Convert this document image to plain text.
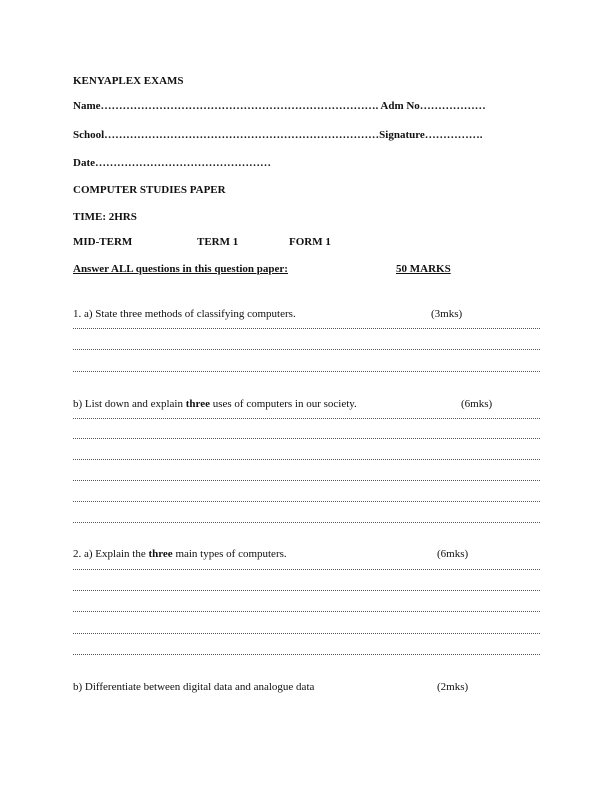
KENYAPLEX EXAMS
Name…………………………………………………………………. Adm No………………
School…………………………………………………………………Signature…………….
Date…………………………………………
COMPUTER STUDIES PAPER
TIME: 2HRS
MID-TERM	TERM 1	FORM 1
Answer ALL questions in this question paper:	50 MARKS
1. a) State three methods of classifying computers.	(3mks)
b) List down and explain three uses of computers in our society.	(6mks)
2. a) Explain the three main types of computers.	(6mks)
b) Differentiate between digital data and analogue data	(2mks)
